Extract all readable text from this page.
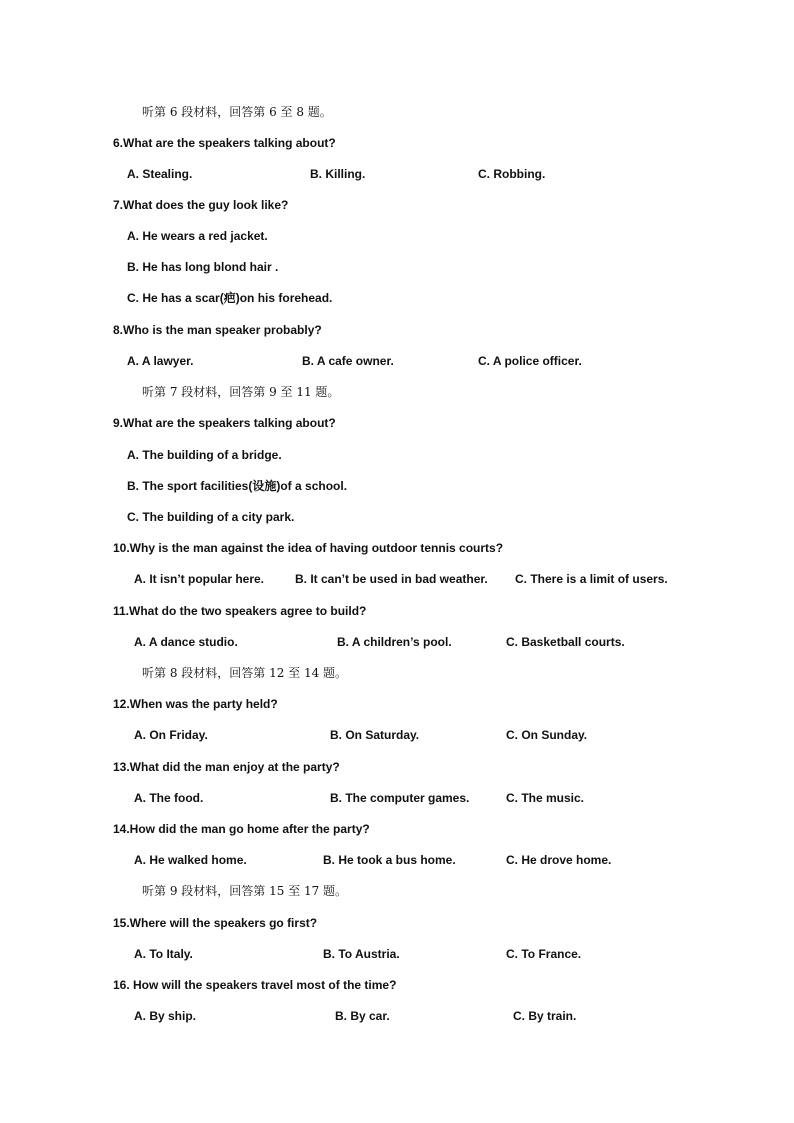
听第 6 段材料，回答第 6 至 8 题。
6.What are the speakers talking about?
A. Stealing.	B. Killing.	C. Robbing.
7.What does the guy look like?
A. He wears a red jacket.
B. He has long blond hair .
C. He has a scar(疤)on his forehead.
8.Who is the man speaker probably?
A. A lawyer.	B. A cafe owner.	C. A police officer.
听第 7 段材料，回答第 9 至 11 题。
9.What are the speakers talking about?
A. The building of a bridge.
B. The sport facilities(设施)of a school.
C. The building of a city park.
10.Why is the man against the idea of having outdoor tennis courts?
A. It isn’t popular here.	B. It can’t be used in bad weather. C. There is a limit of users.
11.What do the two speakers agree to build?
A. A dance studio.	B. A children’s pool.	C. Basketball courts.
听第 8 段材料，回答第 12 至 14 题。
12.When was the party held?
A. On Friday.	B. On Saturday.	C. On Sunday.
13.What did the man enjoy at the party?
A. The food.	B. The computer games.	C. The music.
14.How did the man go home after the party?
A. He walked home.	B. He took a bus home.	C. He drove home.
听第 9 段材料，回答第 15 至 17 题。
15.Where will the speakers go first?
A. To Italy.	B. To Austria.	C. To France.
16. How will the speakers travel most of the time?
A. By ship.	B. By car.	C. By train.
